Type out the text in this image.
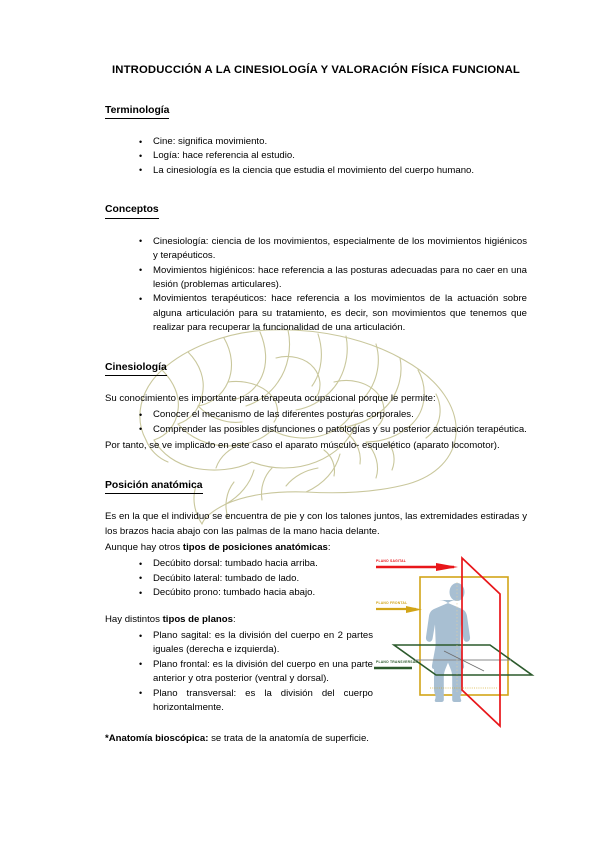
INTRODUCCIÓN A LA CINESIOLOGÍA Y VALORACIÓN FÍSICA FUNCIONAL
Terminología
• Cine: significa movimiento.
• Logía: hace referencia al estudio.
• La cinesiología es la ciencia que estudia el movimiento del cuerpo humano.
Conceptos
• Cinesiología: ciencia de los movimientos, especialmente de los movimientos higiénicos y terapéuticos.
• Movimientos higiénicos: hace referencia a las posturas adecuadas para no caer en una lesión (problemas articulares).
• Movimientos terapéuticos: hace referencia a los movimientos de la actuación sobre alguna articulación para su tratamiento, es decir, son movimientos que tenemos que realizar para recuperar la funcionalidad de una articulación.
Cinesiología

Su conocimiento es importante para terapeuta ocupacional porque le permite:

• Conocer el mecanismo de las diferentes posturas corporales.
• Comprender las posibles disfunciones o patologías y su posterior actuación terapéutica.

Por tanto, se ve implicado en este caso el aparato músculo- esquelético (aparato locomotor).

Posición anatómica

Es en la que el individuo se encuentra de pie y con los talones juntos, las extremidades estiradas y los brazos hacia abajo con las palmas de la mano hacia delante.

Aunque hay otros tipos de posiciones anatómicas:

• Decúbito dorsal: tumbado hacia arriba.
• Decúbito lateral: tumbado de lado.
• Decúbito prono: tumbado hacia abajo.

Hay distintos tipos de planos:

• Plano sagital: es la división del cuerpo en 2 partes iguales (derecha e izquierda).
• Plano frontal: es la división del cuerpo en una parte anterior y otra posterior (ventral y dorsal).
• Plano transversal: es la división del cuerpo horizontalmente.

*Anatomía bioscópica: se trata de la anatomía de superficie.

PLANO SAGITAL
PLANO FRONTAL
PLANO TRANSVERSAL
